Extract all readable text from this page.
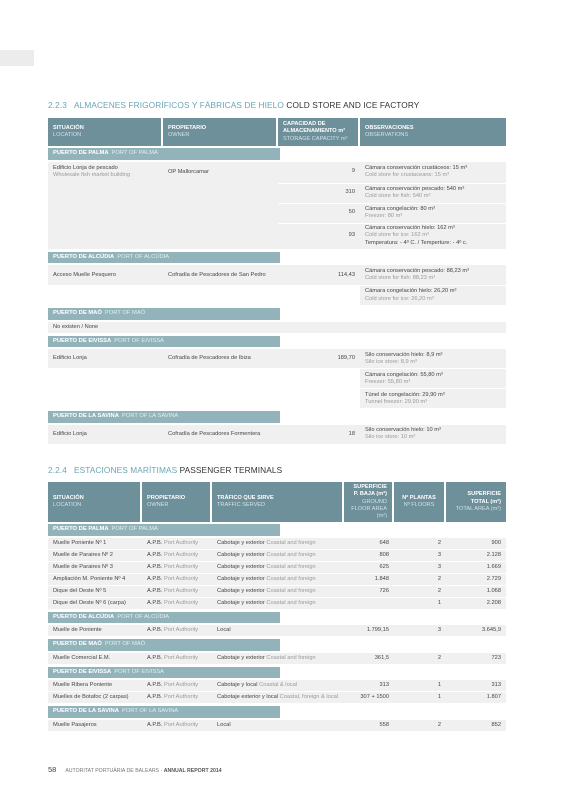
2.2.3 ALMACENES FRIGORÍFICOS Y FÁBRICAS DE HIELO COLD STORE AND ICE FACTORY
SITUACIÓN
LOCATION	PROPIETARIO
OWNER	CAPACIDAD DE ALMACENAMIENTO m³
STORAGE CAPACITY m³	OBSERVACIONES
OBSERVATIONS

PUERTO DE PALMA PORT OF PALMA			

Edificio Lonja de pescado
Wholesale fish market building	OP Mallorcamar	9	Cámara conservación crustáceos: 15 m³
Cold store for crustaceans: 15 m³

		310	Cámara conservación pescado: 540 m³
Cold store for fish: 540 m³

		50	Cámara congelación: 80 m³
Freezer: 80 m³

		93	Cámara conservación hielo: 162 m³
Cold store for ice: 162 m³
Temperatura: - 4º C. / Temperture: - 4º c.

PUERTO DE ALCÚDIA PORT OF ALCÚDIA			

Acceso Muelle Pesquero	Cofradía de Pescadores de San Pedro	114,43	Cámara conservación pescado: 88,23 m³
Cold store for fish: 88,23 m³

			Cámara congelación hielo: 26,20 m³
Cold store for ice: 26,20 m³

PUERTO DE MAÓ PORT OF MAÓ			

No existen / None			

PUERTO DE EIVISSA PORT OF EIVISSA			

Edificio Lonja	Cofradía de Pescadores de Ibiza	189,70	Silo conservación hielo: 8,9 m³
Silo ice store: 8,9 m³

			Cámara congelación: 55,80 m³
Freezer: 55,80 m³

			Túnel de congelación: 29,90 m³
Tunnel freezer: 29,90 m³

PUERTO DE LA SAVINA PORT OF LA SAVINA			

Edificio Lonja	Cofradía de Pescadores Formentera	18	Silo conservación hielo: 10 m³
Silo ice store: 10 m³
2.2.4 ESTACIONES MARÍTIMAS PASSENGER TERMINALS
SITUACIÓN
LOCATION	PROPIETARIO
OWNER	TRÁFICO QUE SIRVE
TRAFFIC SERVED	SUPERFICIE P. BAJA (m²)
GROUND FLOOR AREA (m²)	Nº PLANTAS
Nº FLOORS	SUPERFICIE TOTAL (m²)
TOTAL AREA (m²)

PUERTO DE PALMA PORT OF PALMA					

Muelle Poniente Nº 1	A.P.B. Port Authority	Cabotaje y exterior Coastal and foreign	648	2	900
Muelle de Paraires Nº 2	A.P.B. Port Authority	Cabotaje y exterior Coastal and foreign	808	3	2.128
Muelle de Paraires Nº 3	A.P.B. Port Authority	Cabotaje y exterior Coastal and foreign	625	3	1.669
Ampliación M. Poniente Nº 4	A.P.B. Port Authority	Cabotaje y exterior Coastal and foreign	1.848	2	2.729
Dique del Oeste Nº 5	A.P.B. Port Authority	Cabotaje y exterior Coastal and foreign	726	2	1.068
Dique del Oeste Nº 6 (carpa)	A.P.B. Port Authority	Cabotaje y exterior Coastal and foreign		1	2.208

PUERTO DE ALCÚDIA PORT OF ALCÚDIA					

Muelle de Poniente	A.P.B. Port Authority	Local	1.799,15	3	3.645,9

PUERTO DE MAÓ PORT OF MAÓ					

Muelle Comercial E.M.	A.P.B. Port Authority	Cabotaje y exterior Coastal and foreign	361,5	2	723

PUERTO DE EIVISSA PORT OF EIVISSA					

Muelle Ribera Poniente	A.P.B. Port Authority	Cabotaje y local Coastal & local	313	1	313
Muelles de Botafoc (2 carpas)	A.P.B. Port Authority	Cabotaje exterior y local Coastal, foreign & local	307 + 1500	1	1.807

PUERTO DE LA SAVINA PORT OF LA SAVINA					

Muelle Pasajeros	A.P.B. Port Authority	Local	558	2	852
58 AUTORITAT PORTUÀRIA DE BALEARS · ANNUAL REPORT 2014
